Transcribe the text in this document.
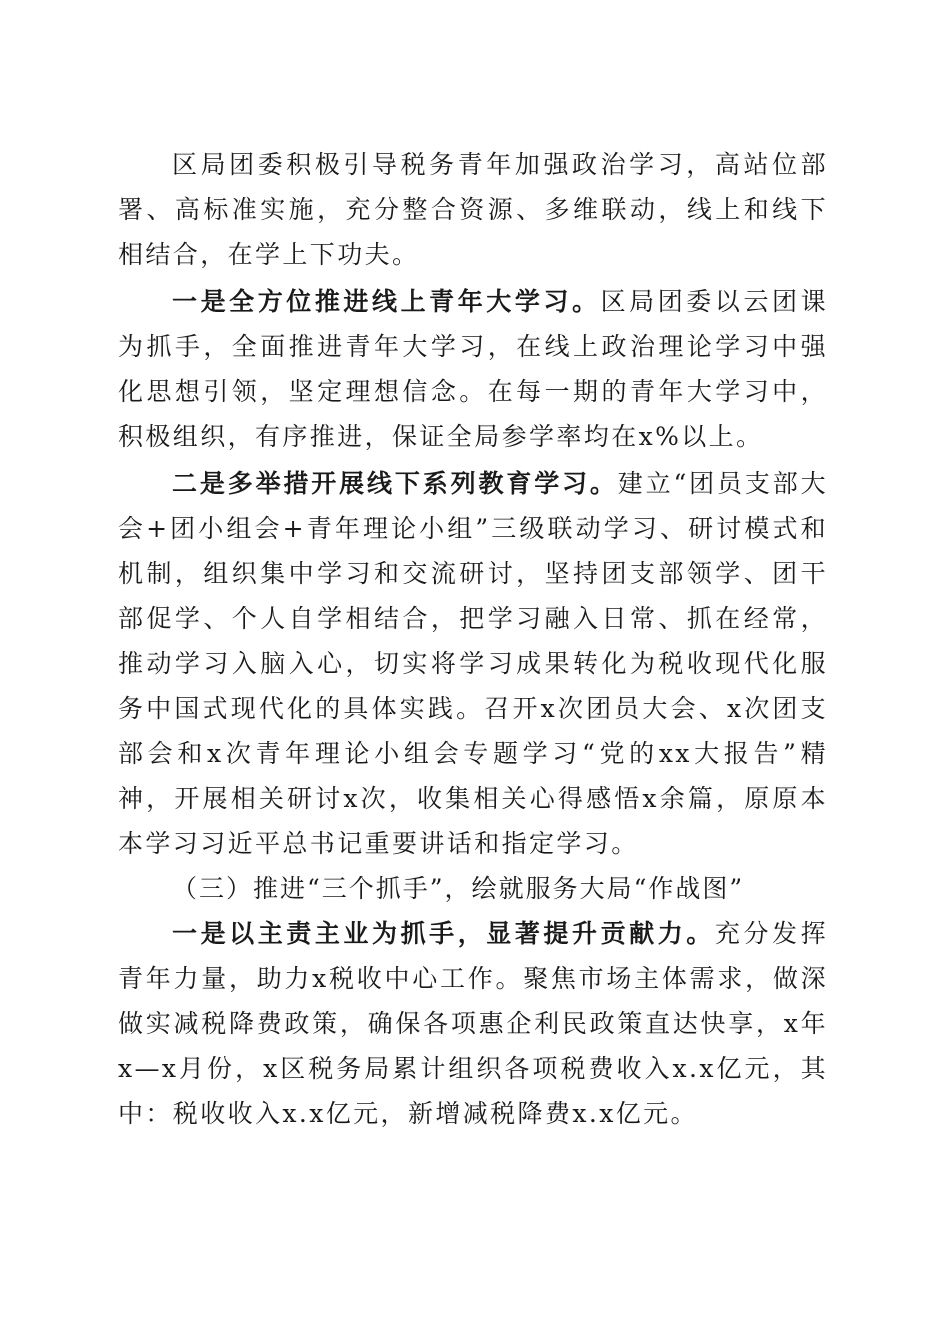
区局团委积极引导税务青年加强政治学习，高站位部署、高标准实施，充分整合资源、多维联动，线上和线下相结合，在学上下功夫。

一是全方位推进线上青年大学习。区局团委以云团课为抓手，全面推进青年大学习，在线上政治理论学习中强化思想引领，坚定理想信念。在每一期的青年大学习中，积极组织，有序推进，保证全局参学率均在x%以上。

二是多举措开展线下系列教育学习。建立“团员支部大会+团小组会+青年理论小组”三级联动学习、研讨模式和机制，组织集中学习和交流研讨，坚持团支部领学、团干部促学、个人自学相结合，把学习融入日常、抓在经常，推动学习入脑入心，切实将学习成果转化为税收现代化服务中国式现代化的具体实践。召开x次团员大会、x次团支部会和x次青年理论小组会专题学习“党的xx大报告”精神，开展相关研讨x次，收集相关心得感悟x余篇，原原本本学习习近平总书记重要讲话和指定学习。

（三）推进“三个抓手”，绘就服务大局“作战图”

一是以主责主业为抓手，显著提升贡献力。充分发挥青年力量，助力x税收中心工作。聚焦市场主体需求，做深做实减税降费政策，确保各项惠企利民政策直达快享，x年x—x月份，x区税务局累计组织各项税费收入x.x亿元，其中：税收收入x.x亿元，新增减税降费x.x亿元。
